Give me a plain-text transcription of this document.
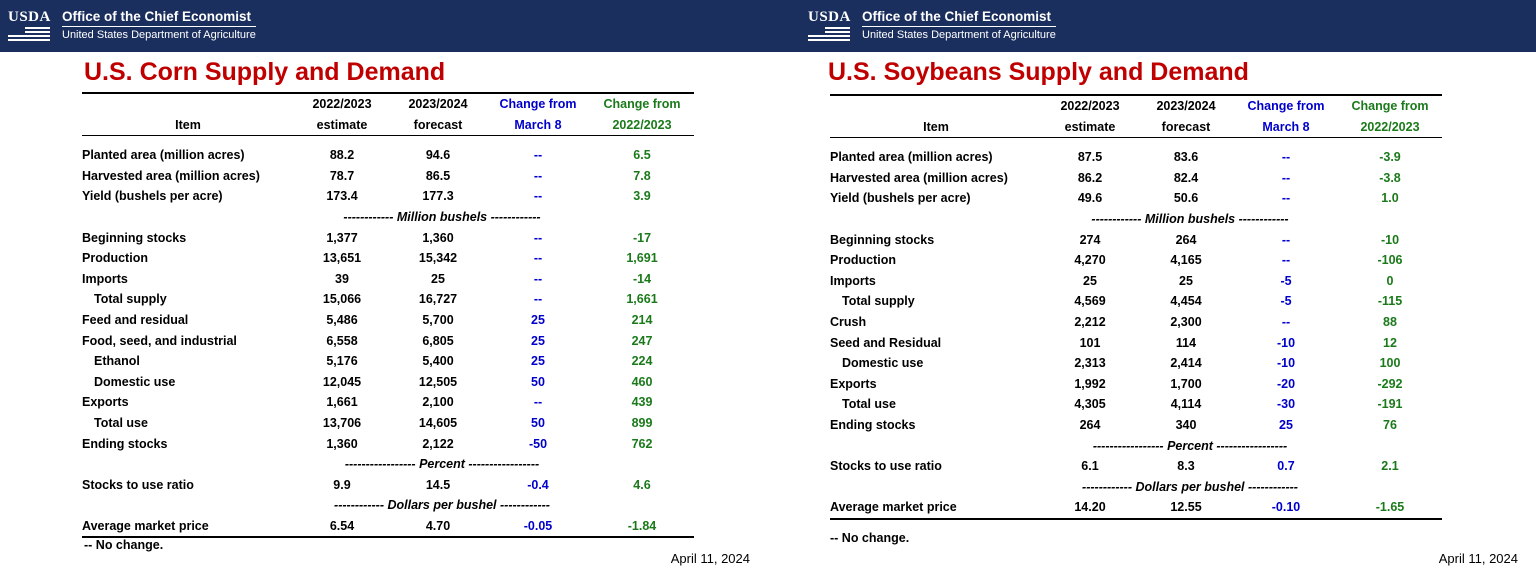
USDA Office of the Chief Economist
United States Department of Agriculture
U.S. Corn Supply and Demand
	2022/2023	2023/2024	Change from	Change from
Item	estimate	forecast	March 8	2022/2023

Planted area (million acres)	88.2	94.6	--	6.5
Harvested area (million acres)	78.7	86.5	--	7.8
Yield (bushels per acre)	173.4	177.3	--	3.9
	------------ Million bushels ------------			
Beginning stocks	1,377	1,360	--	-17
Production	13,651	15,342	--	1,691
Imports	39	25	--	-14
Total supply	15,066	16,727	--	1,661
Feed and residual	5,486	5,700	25	214
Food, seed, and industrial	6,558	6,805	25	247
Ethanol	5,176	5,400	25	224
Domestic use	12,045	12,505	50	460
Exports	1,661	2,100	--	439
Total use	13,706	14,605	50	899
Ending stocks	1,360	2,122	-50	762
	----------------- Percent -----------------			
Stocks to use ratio	9.9	14.5	-0.4	4.6
	------------ Dollars per bushel ------------			
Average market price	6.54	4.70	-0.05	-1.84
-- No change.
April 11, 2024
USDA Office of the Chief Economist
United States Department of Agriculture
U.S. Soybeans Supply and Demand
	2022/2023	2023/2024	Change from	Change from
Item	estimate	forecast	March 8	2022/2023

Planted area (million acres)	87.5	83.6	--	-3.9
Harvested area (million acres)	86.2	82.4	--	-3.8
Yield (bushels per acre)	49.6	50.6	--	1.0
	------------ Million bushels ------------			
Beginning stocks	274	264	--	-10
Production	4,270	4,165	--	-106
Imports	25	25	-5	0
Total supply	4,569	4,454	-5	-115
Crush	2,212	2,300	--	88
Seed and Residual	101	114	-10	12
Domestic use	2,313	2,414	-10	100
Exports	1,992	1,700	-20	-292
Total use	4,305	4,114	-30	-191
Ending stocks	264	340	25	76
	----------------- Percent -----------------			
Stocks to use ratio	6.1	8.3	0.7	2.1
	------------ Dollars per bushel ------------			
Average market price	14.20	12.55	-0.10	-1.65
-- No change.
April 11, 2024
